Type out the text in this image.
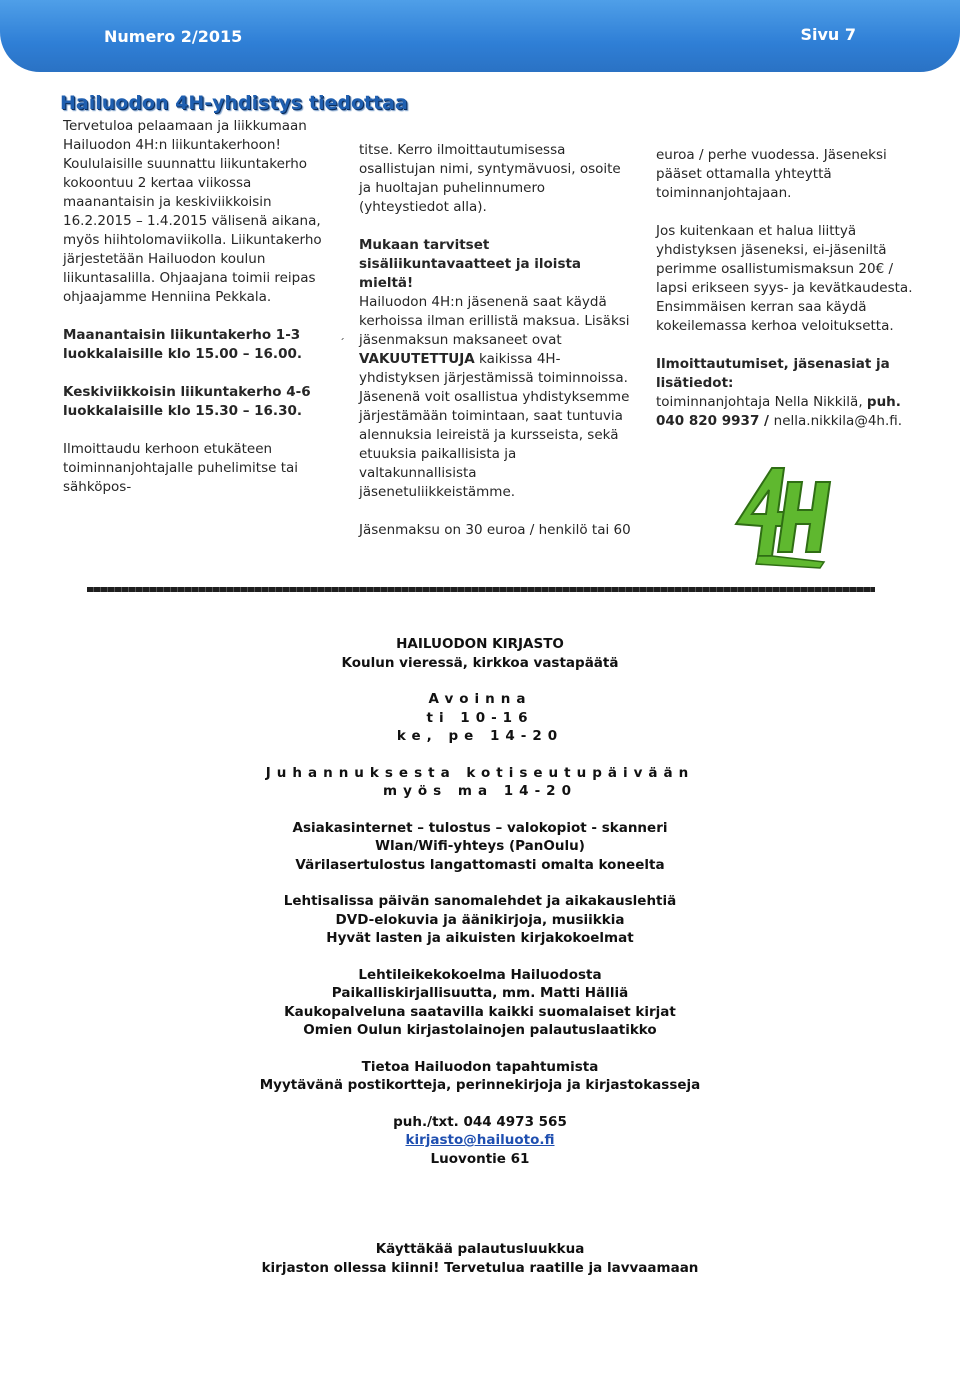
Numero 2/2015	Sivu 7
Hailuodon 4H-yhdistys tiedottaa

Tervetuloa pelaamaan ja liikkumaan Hailuodon 4H:n liikuntakerhoon! Koululaisille suunnattu liikuntakerho kokoontuu 2 kertaa viikossa maanantaisin ja keskiviikkoisin 16.2.2015 – 1.4.2015 välisenä aikana, myös hiihtolomaviikolla. Liikuntakerho järjestetään Hailuodon koulun liikuntasalilla. Ohjaajana toimii reipas ohjaajamme Henniina Pekkala.

Maanantaisin liikuntakerho 1-3 luokkalaisille klo 15.00 – 16.00.

Keskiviikkoisin liikuntakerho 4-6 luokkalaisille klo 15.30 – 16.30.

Ilmoittaudu kerhoon etukäteen toiminnanjohtajalle puhelimitse tai sähköpos-

´

titse. Kerro ilmoittautumisessa osallistujan nimi, syntymävuosi, osoite ja huoltajan puhelinnumero (yhteystiedot alla).

Mukaan tarvitset sisäliikuntavaatteet ja iloista mieltä!

Hailuodon 4H:n jäsenenä saat käydä kerhoissa ilman erillistä maksua. Lisäksi jäsenmaksun maksaneet ovat VAKUUTETTUJA kaikissa 4H-yhdistyksen järjestämissä toiminnoissa.

Jäsenenä voit osallistua yhdistyksemme järjestämään toimintaan, saat tuntuvia alennuksia leireistä ja kursseista, sekä etuuksia paikallisista ja valtakunnallisista jäsenetuliikkeistämme.

Jäsenmaksu on 30 euroa / henkilö tai 60

euroa / perhe vuodessa. Jäseneksi pääset ottamalla yhteyttä toiminnanjohtajaan.

Jos kuitenkaan et halua liittyä yhdistyksen jäseneksi, ei-jäseniltä perimme osallistumismaksun 20€ / lapsi erikseen syys- ja kevätkaudesta. Ensimmäisen kerran saa käydä kokeilemassa kerhoa veloituksetta.

Ilmoittautumiset, jäsenasiat ja lisätiedot:

toiminnanjohtaja Nella Nikkilä, puh. 040 820 9937 / nella.nikkila@4h.fi.

HAILUODON KIRJASTO
Koulun vieressä, kirkkoa vastapäätä
Avoinna
ti 10-16
ke, pe 14-20
Juhannuksesta kotiseutupäivään
myös ma 14-20
Asiakasinternet – tulostus – valokopiot - skanneri
Wlan/Wifi-yhteys (PanOulu)
Värilasertulostus langattomasti omalta koneelta
Lehtisalissa päivän sanomalehdet ja aikakauslehtiä
DVD-elokuvia ja äänikirjoja, musiikkia
Hyvät lasten ja aikuisten kirjakokoelmat
Lehtileikekokoelma Hailuodosta
Paikalliskirjallisuutta, mm. Matti Hälliä
Kaukopalveluna saatavilla kaikki suomalaiset kirjat
Omien Oulun kirjastolainojen palautuslaatikko
Tietoa Hailuodon tapahtumista
Myytävänä postikortteja, perinnekirjoja ja kirjastokasseja
puh./txt. 044 4973 565
kirjasto@hailuoto.fi
Luovontie 61
Käyttäkää palautusluukkua
kirjaston ollessa kiinni! Tervetulua raatille ja lavvaamaan
